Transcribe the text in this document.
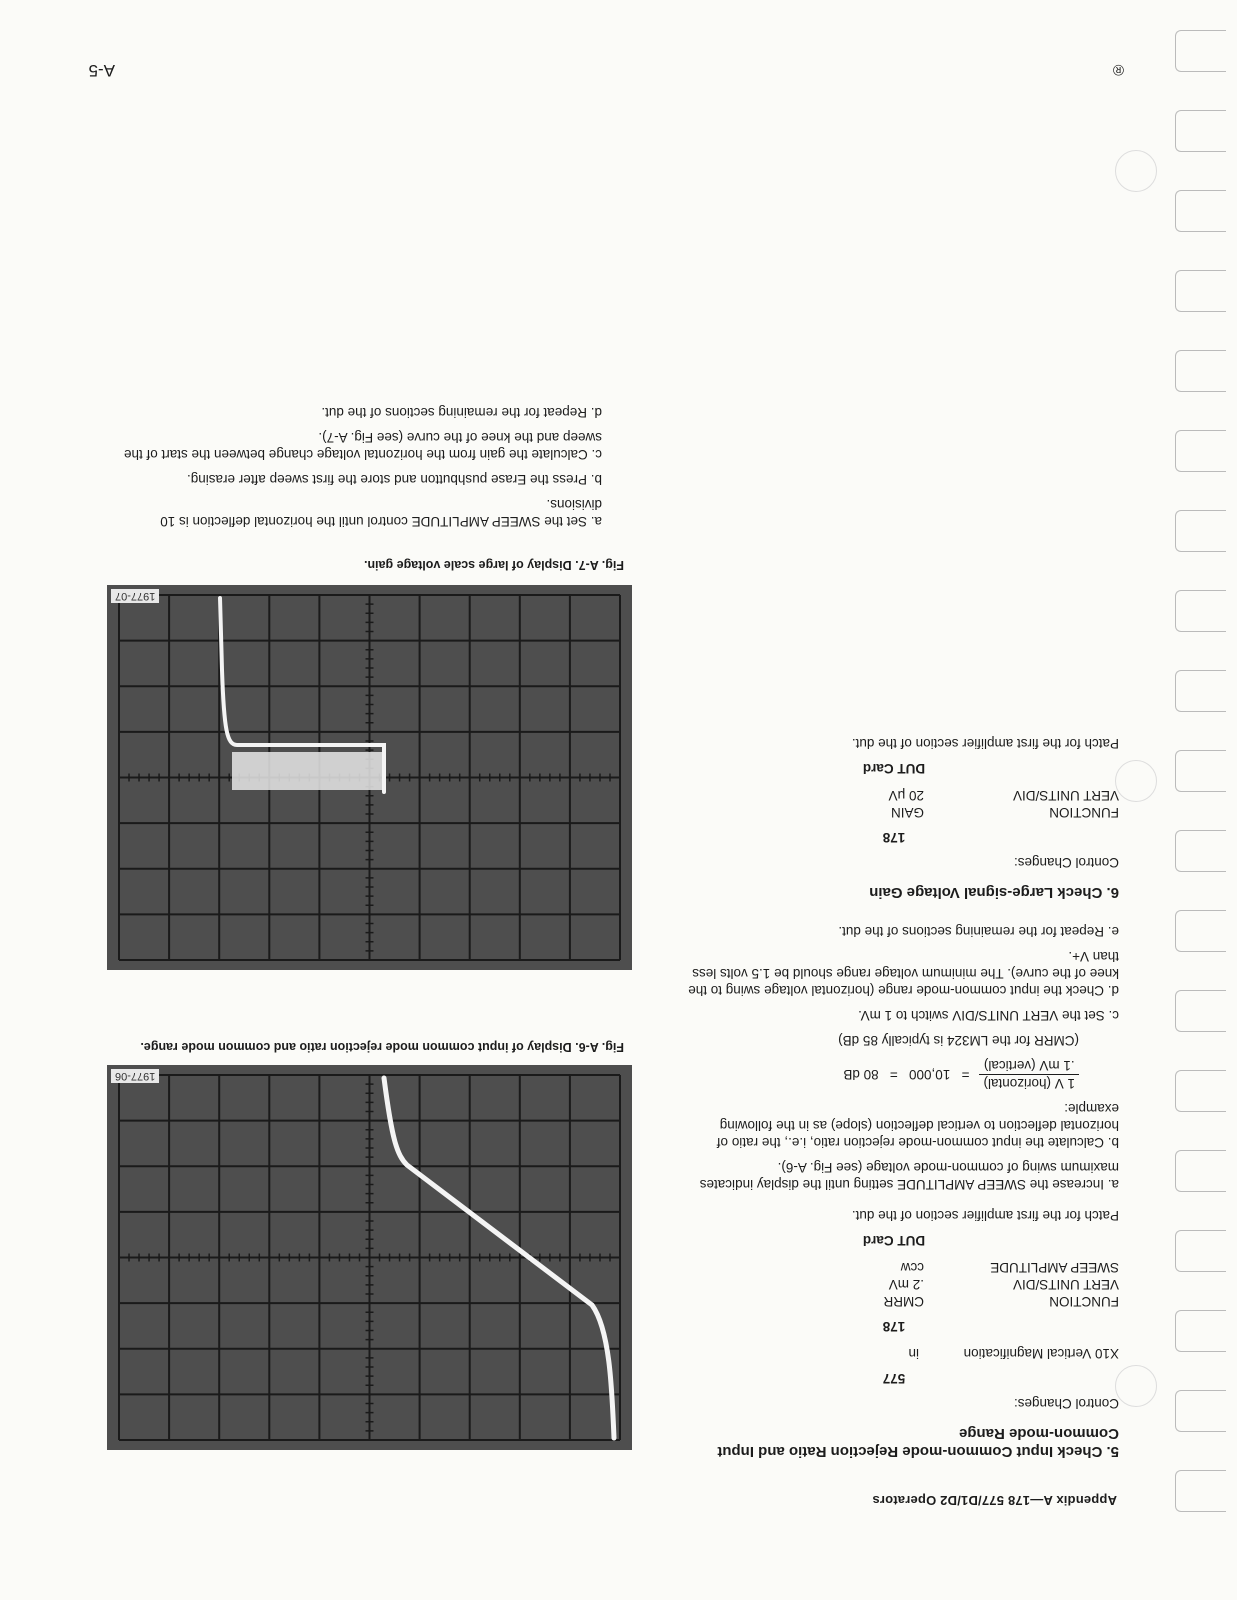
Appendix A—178 577/D1/D2 Operators

5. Check Input Common-mode Rejection Ratio and Input Common-mode Range

Control Changes:

577

X10 Vertical Magnification
in

178

FUNCTION
CMRR
VERT UNITS/DIV
.2 mV
SWEEP AMPLITUDE
ccw

DUT Card

Patch for the first amplifier section of the dut.

a. Increase the SWEEP AMPLITUDE setting until the display indicates maximum swing of common-mode voltage (see Fig. A-6).

b. Calculate the input common-mode rejection ratio, i.e., the ratio of horizontal deflection to vertical deflection (slope) as in the following example:

1 V (horizontal)
.1 mV (vertical)
=   10,000   =   80 dB

(CMRR for the LM324 is typically 85 dB)

c. Set the VERT UNITS/DIV switch to 1 mV.

d. Check the input common-mode range (horizontal voltage swing to the knee of the curve). The minimum voltage range should be 1.5 volts less than V+.

e. Repeat for the remaining sections of the dut.

6. Check Large-signal Voltage Gain

Control Changes:

178

FUNCTION
GAIN
VERT UNITS/DIV
20 μV

DUT Card

Patch for the first amplifier section of the dut.

1977-06
Fig. A-6. Display of input common mode rejection ratio and common mode range.
1977-07
Fig. A-7. Display of large scale voltage gain.

a. Set the SWEEP AMPLITUDE control until the horizontal deflection is 10 divisions.

b. Press the Erase pushbutton and store the first sweep after erasing.

c. Calculate the gain from the horizontal voltage change between the start of the sweep and the knee of the curve (see Fig. A-7).

d. Repeat for the remaining sections of the dut.

A-5	®
